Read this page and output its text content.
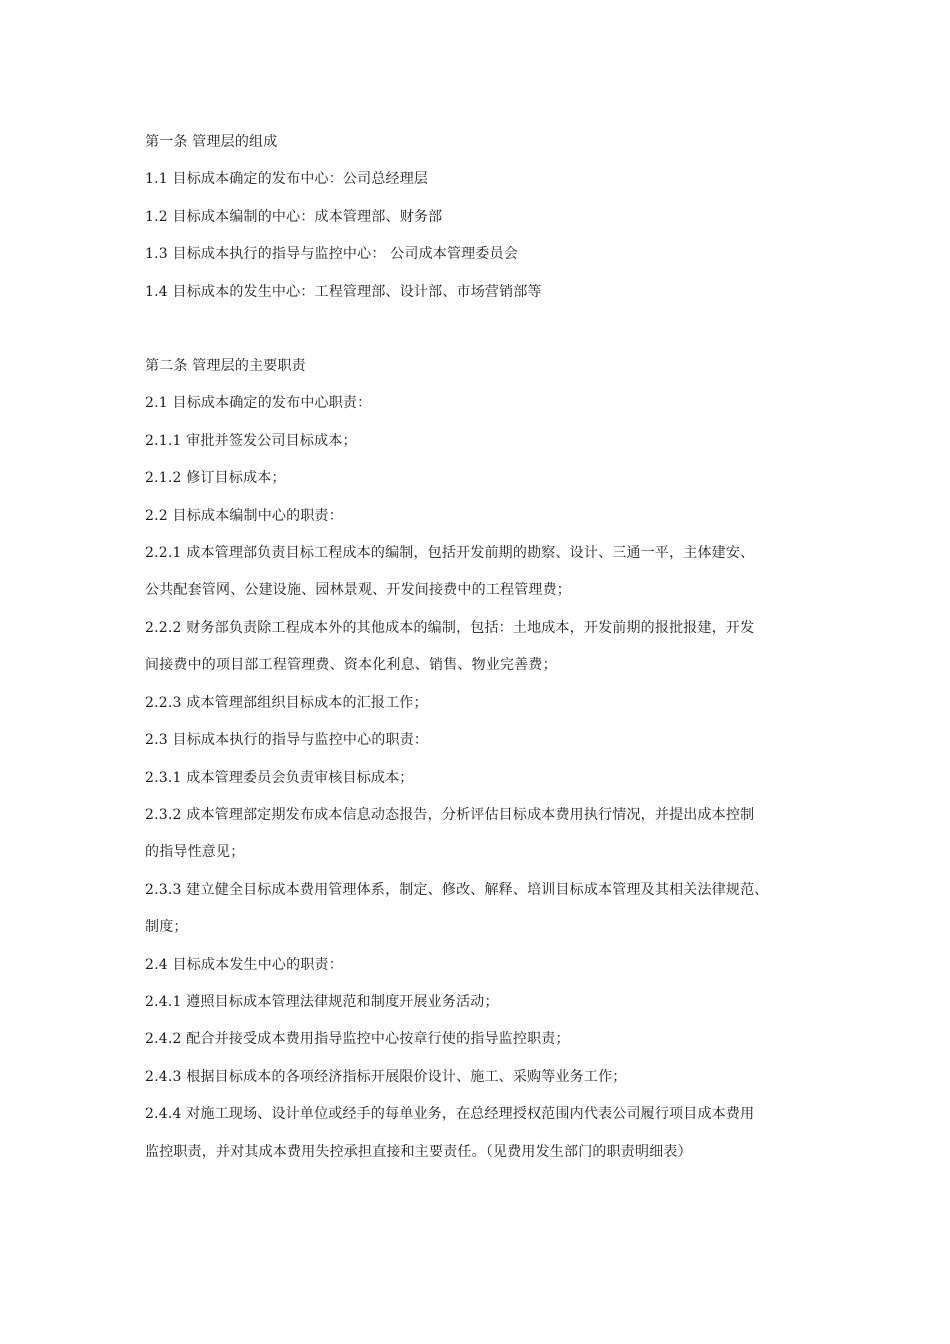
第一条 管理层的组成
1.1 目标成本确定的发布中心：公司总经理层
1.2 目标成本编制的中心：成本管理部、财务部
1.3 目标成本执行的指导与监控中心： 公司成本管理委员会
1.4 目标成本的发生中心：工程管理部、设计部、市场营销部等
第二条 管理层的主要职责
2.1 目标成本确定的发布中心职责：
2.1.1 审批并签发公司目标成本；
2.1.2 修订目标成本；
2.2 目标成本编制中心的职责：
2.2.1 成本管理部负责目标工程成本的编制，包括开发前期的勘察、设计、三通一平，主体建安、
公共配套管网、公建设施、园林景观、开发间接费中的工程管理费；
2.2.2 财务部负责除工程成本外的其他成本的编制，包括：土地成本，开发前期的报批报建，开发
间接费中的项目部工程管理费、资本化利息、销售、物业完善费；
2.2.3 成本管理部组织目标成本的汇报工作；
2.3 目标成本执行的指导与监控中心的职责：
2.3.1 成本管理委员会负责审核目标成本；
2.3.2 成本管理部定期发布成本信息动态报告，分析评估目标成本费用执行情况，并提出成本控制
的指导性意见；
2.3.3 建立健全目标成本费用管理体系，制定、修改、解释、培训目标成本管理及其相关法律规范、
制度；
2.4 目标成本发生中心的职责：
2.4.1 遵照目标成本管理法律规范和制度开展业务活动；
2.4.2 配合并接受成本费用指导监控中心按章行使的指导监控职责；
2.4.3 根据目标成本的各项经济指标开展限价设计、施工、采购等业务工作；
2.4.4 对施工现场、设计单位或经手的每单业务，在总经理授权范围内代表公司履行项目成本费用
监控职责，并对其成本费用失控承担直接和主要责任。（见费用发生部门的职责明细表）
